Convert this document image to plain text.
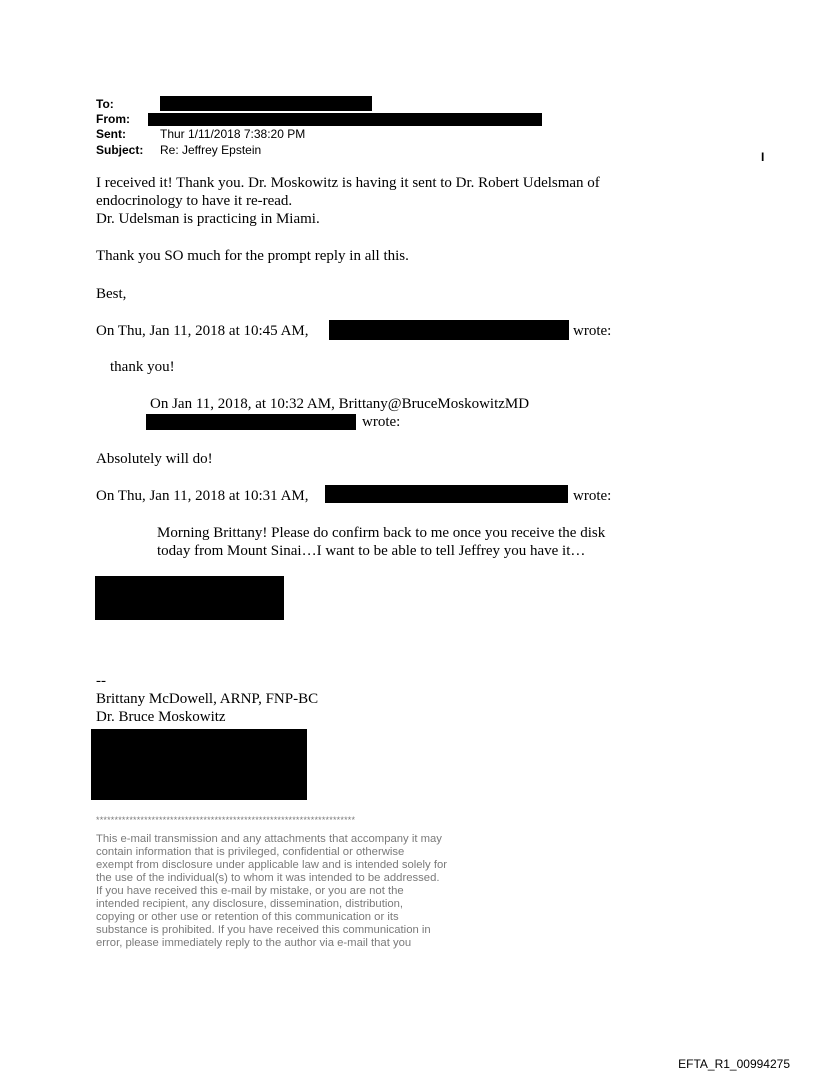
To:
From:
Sent:	Thur 1/11/2018 7:38:20 PM
Subject: Re: Jeffrey Epstein	I
I received it! Thank you. Dr. Moskowitz is having it sent to Dr. Robert Udelsman of
endocrinology to have it re-read.
Dr. Udelsman is practicing in Miami.
Thank you SO much for the prompt reply in all this.
Best,
On Thu, Jan 11, 2018 at 10:45 AM,	wrote:
thank you!
On Jan 11, 2018, at 10:32 AM, Brittany@BruceMoskowitzMD
wrote:
Absolutely will do!
On Thu, Jan 11, 2018 at 10:31 AM,	wrote:
Morning Brittany! Please do confirm back to me once you receive the disk
today from Mount Sinai…I want to be able to tell Jeffrey you have it…
--
Brittany McDowell, ARNP, FNP-BC
Dr. Bruce Moskowitz
**********************************************************************
This e-mail transmission and any attachments that accompany it may
contain information that is privileged, confidential or otherwise
exempt from disclosure under applicable law and is intended solely for
the use of the individual(s) to whom it was intended to be addressed.
If you have received this e-mail by mistake, or you are not the
intended recipient, any disclosure, dissemination, distribution,
copying or other use or retention of this communication or its
substance is prohibited. If you have received this communication in
error, please immediately reply to the author via e-mail that you
EFTA_R1_00994275
